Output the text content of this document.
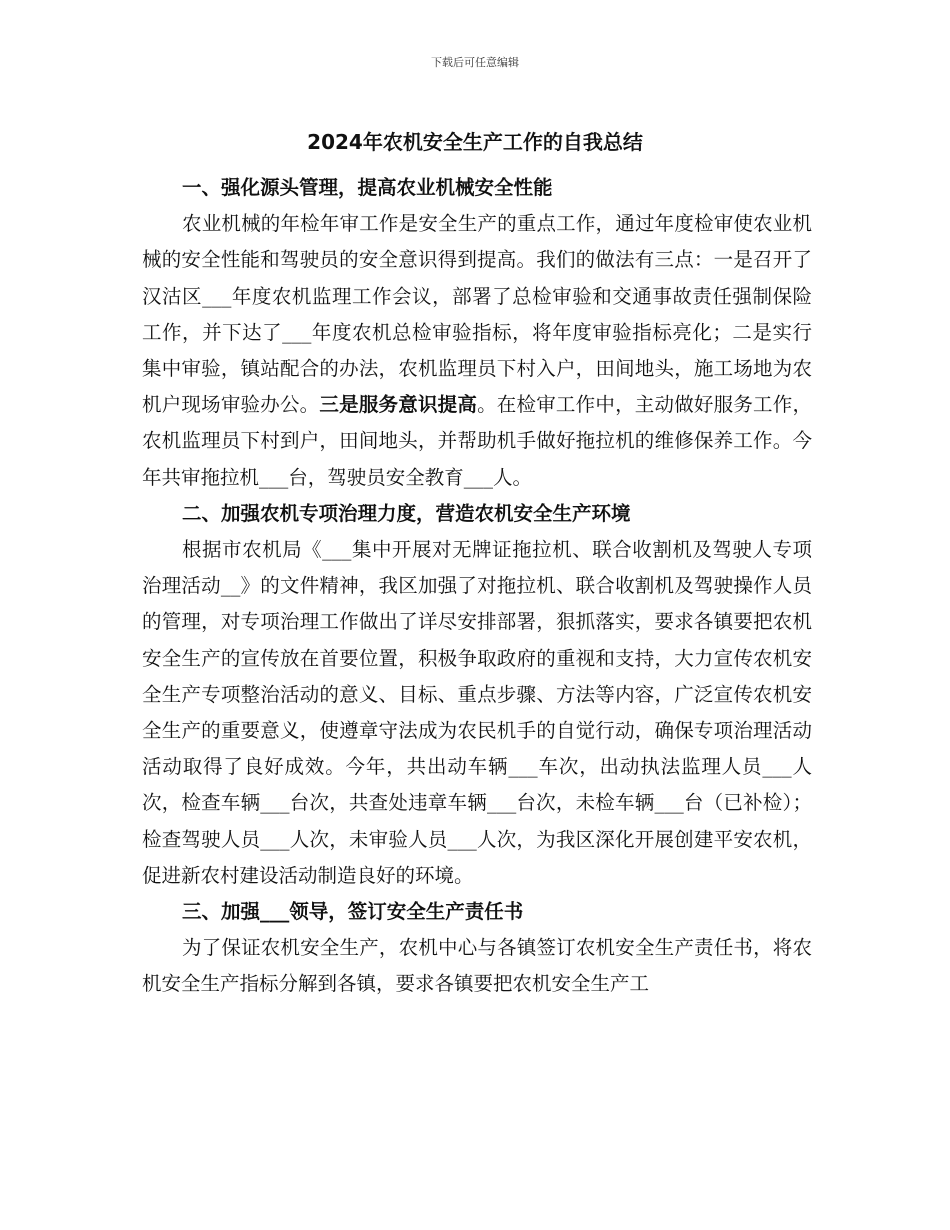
下载后可任意编辑
2024年农机安全生产工作的自我总结

一、强化源头管理，提高农业机械安全性能

农业机械的年检年审工作是安全生产的重点工作，通过年度检审使农业机械的安全性能和驾驶员的安全意识得到提高。我们的做法有三点：一是召开了汉沽区___年度农机监理工作会议，部署了总检审验和交通事故责任强制保险工作，并下达了___年度农机总检审验指标，将年度审验指标亮化；二是实行集中审验，镇站配合的办法，农机监理员下村入户，田间地头，施工场地为农机户现场审验办公。三是服务意识提高。在检审工作中，主动做好服务工作，农机监理员下村到户，田间地头，并帮助机手做好拖拉机的维修保养工作。今年共审拖拉机___台，驾驶员安全教育___人。

二、加强农机专项治理力度，营造农机安全生产环境

根据市农机局《___集中开展对无牌证拖拉机、联合收割机及驾驶人专项治理活动__》的文件精神，我区加强了对拖拉机、联合收割机及驾驶操作人员的管理，对专项治理工作做出了详尽安排部署，狠抓落实，要求各镇要把农机安全生产的宣传放在首要位置，积极争取政府的重视和支持，大力宣传农机安全生产专项整治活动的意义、目标、重点步骤、方法等内容，广泛宣传农机安全生产的重要意义，使遵章守法成为农民机手的自觉行动，确保专项治理活动活动取得了良好成效。今年，共出动车辆___车次，出动执法监理人员___人次，检查车辆___台次，共查处违章车辆___台次，未检车辆___台（已补检）；检查驾驶人员___人次，未审验人员___人次，为我区深化开展创建平安农机，促进新农村建设活动制造良好的环境。

三、加强___领导，签订安全生产责任书

为了保证农机安全生产，农机中心与各镇签订农机安全生产责任书，将农机安全生产指标分解到各镇，要求各镇要把农机安全生产工
